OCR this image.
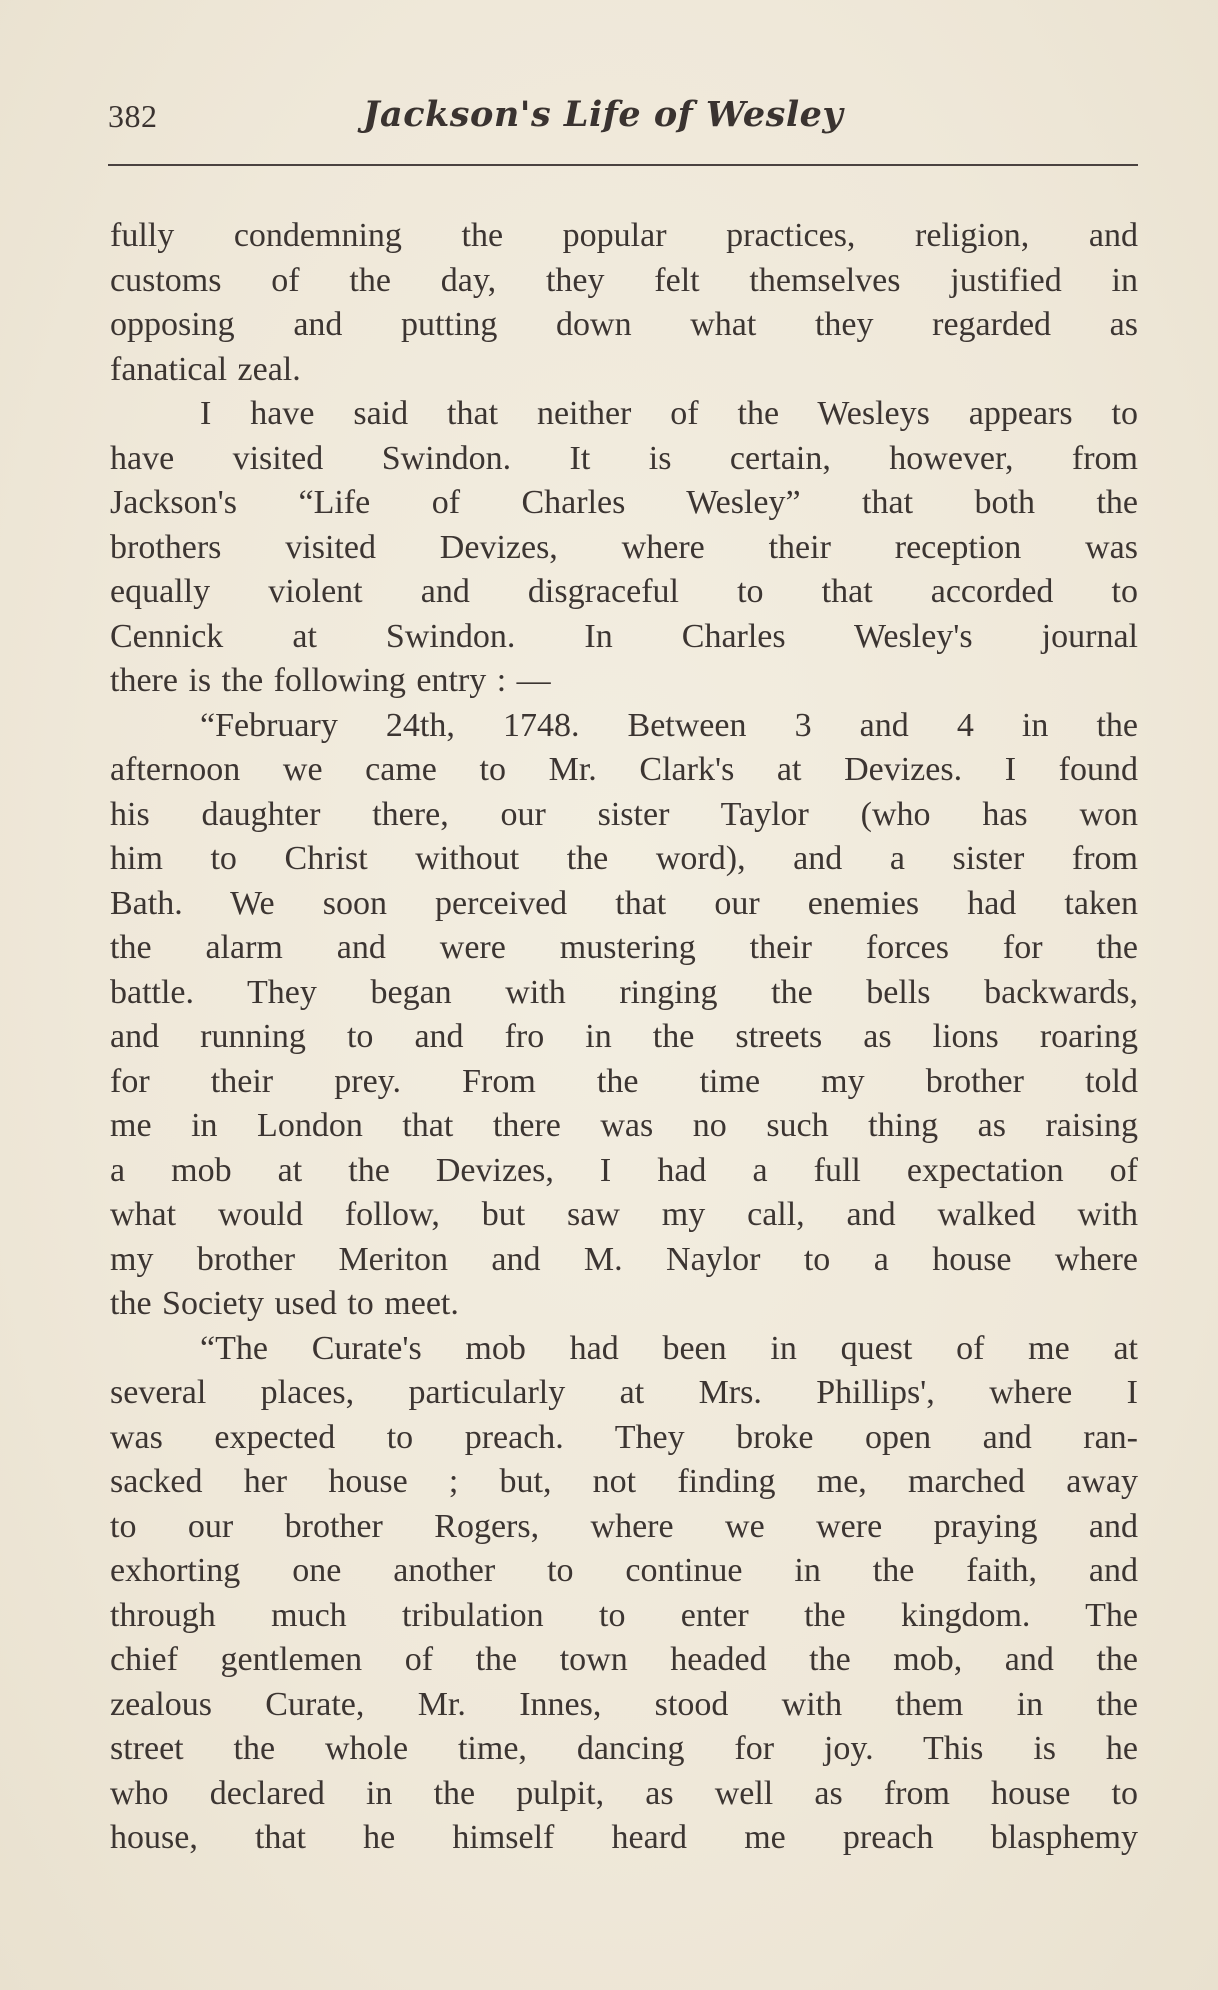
382	Jackson's Life of Wesley
fully condemning the popular practices, religion, and
customs of the day, they felt themselves justified in
opposing and putting down what they regarded as
fanatical zeal.
I have said that neither of the Wesleys appears to
have visited Swindon. It is certain, however, from
Jackson's “Life of Charles Wesley” that both the
brothers visited Devizes, where their reception was
equally violent and disgraceful to that accorded to
Cennick at Swindon. In Charles Wesley's journal
there is the following entry : —
“February 24th, 1748. Between 3 and 4 in the
afternoon we came to Mr. Clark's at Devizes. I found
his daughter there, our sister Taylor (who has won
him to Christ without the word), and a sister from
Bath. We soon perceived that our enemies had taken
the alarm and were mustering their forces for the
battle. They began with ringing the bells backwards,
and running to and fro in the streets as lions roaring
for their prey. From the time my brother told
me in London that there was no such thing as raising
a mob at the Devizes, I had a full expectation of
what would follow, but saw my call, and walked with
my brother Meriton and M. Naylor to a house where
the Society used to meet.
“The Curate's mob had been in quest of me at
several places, particularly at Mrs. Phillips', where I
was expected to preach. They broke open and ran-
sacked her house ; but, not finding me, marched away
to our brother Rogers, where we were praying and
exhorting one another to continue in the faith, and
through much tribulation to enter the kingdom. The
chief gentlemen of the town headed the mob, and the
zealous Curate, Mr. Innes, stood with them in the
street the whole time, dancing for joy. This is he
who declared in the pulpit, as well as from house to
house, that he himself heard me preach blasphemy
